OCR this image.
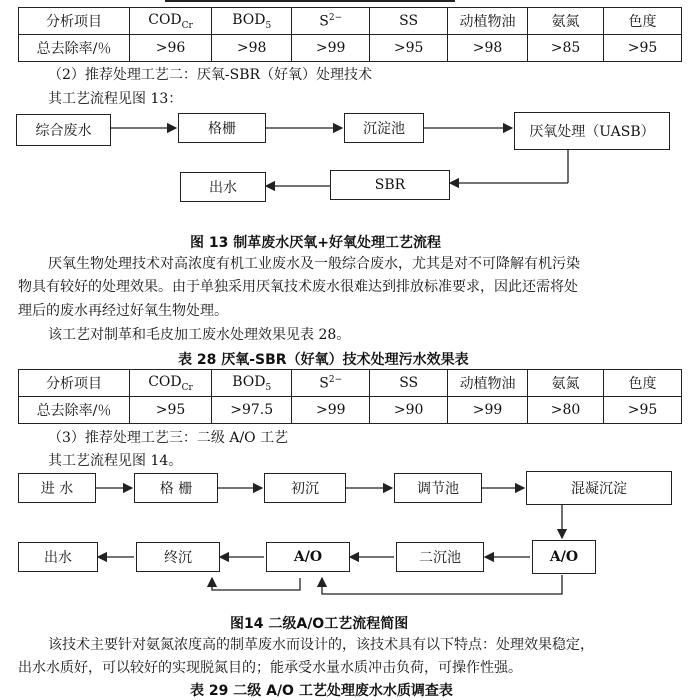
分析项目	$COD_{Cr}$	$BOD_5$	$S^{2-}$	SS	动植物油	氨氮	色度
总去除率/％	>96	>98	>99	>95	>98	>85	>95
（2）推荐处理工艺二：厌氧-SBR（好氧）处理技术
其工艺流程见图 13：
综合废水	格栅	沉淀池	厌氧处理（UASB）
SBR
出水
图 13 制革废水厌氧+好氧处理工艺流程
厌氧生物处理技术对高浓度有机工业废水及一般综合废水，尤其是对不可降解有机污染
物具有较好的处理效果。由于单独采用厌氧技术废水很难达到排放标准要求，因此还需将处
理后的废水再经过好氧生物处理。
该工艺对制革和毛皮加工废水处理效果见表 28。
表 28 厌氧-SBR（好氧）技术处理污水效果表
分析项目	$COD_{Cr}$	$BOD_5$	$S^{2-}$	SS	动植物油	氨氮	色度
总去除率/％	>95	>97.5	>99	>90	>99	>80	>95
（3）推荐处理工艺三：二级 A/O 工艺
其工艺流程见图 14。
进 水	格 栅	初沉	调节池	混凝沉淀
出水	终沉	A/O	二沉池	A/O
图14 二级A/O工艺流程简图
该技术主要针对氨氮浓度高的制革废水而设计的，该技术具有以下特点：处理效果稳定，
出水水质好，可以较好的实现脱氮目的；能承受水量水质冲击负荷，可操作性强。
表 29 二级 A/O 工艺处理废水水质调查表
